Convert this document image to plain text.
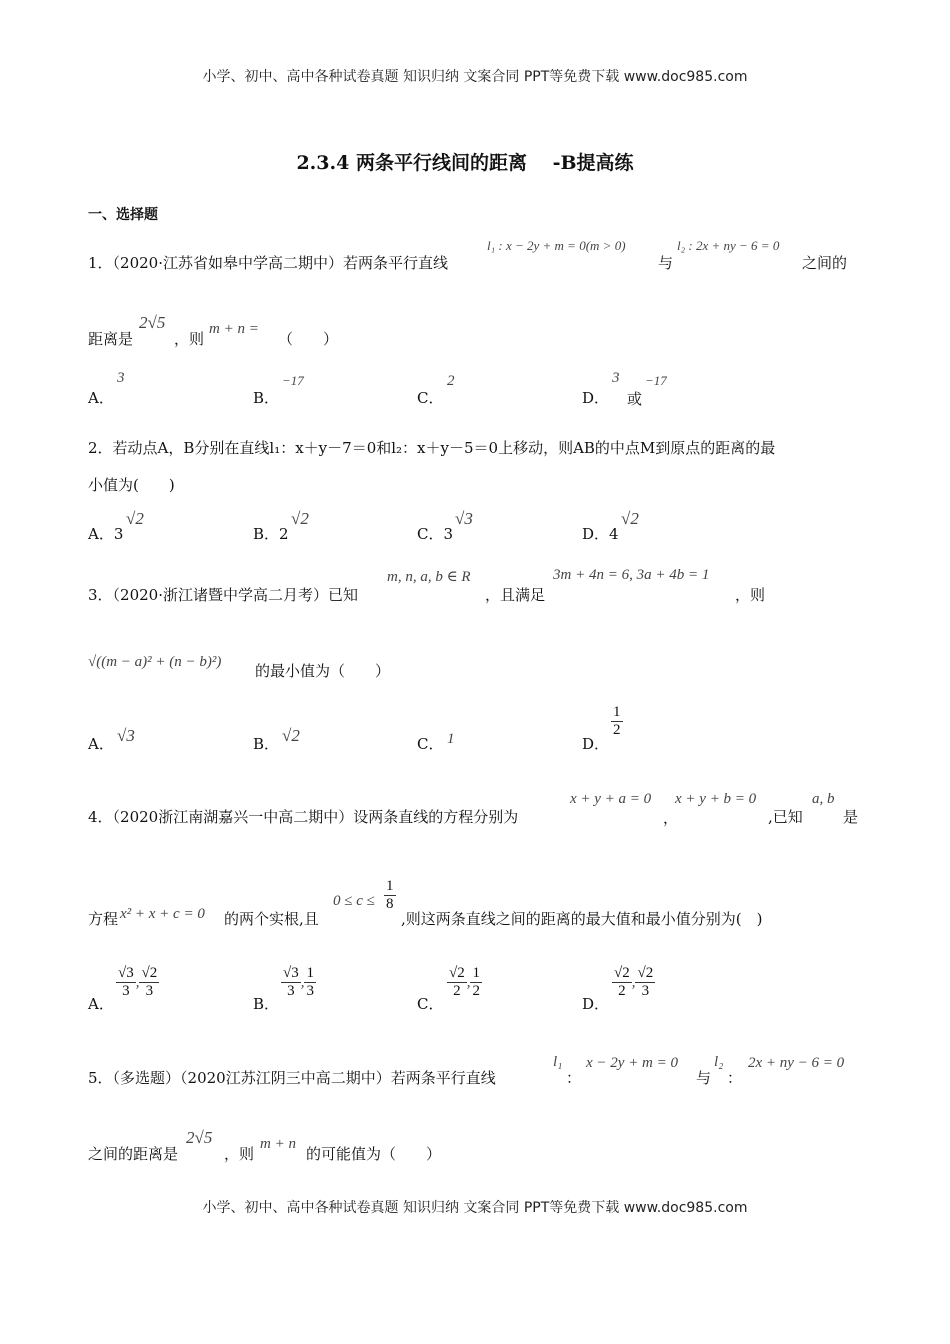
小学、初中、高中各种试卷真题 知识归纳 文案合同 PPT等免费下载 www.doc985.com
2.3.4 两条平行线间的距离　 -B提高练
一、选择题
1．（2020·江苏省如皋中学高二期中）若两条平行直线
l₁ : x − 2y + m = 0(m > 0)
与
l₂ : 2x + ny − 6 = 0
之间的
距离是
2√5
，则
m + n =
（　　）
A．
3
B．
−17
C．
2
D．
3
或
−17
2．若动点A，B分别在直线l₁：x＋y－7＝0和l₂：x＋y－5＝0上移动，则AB的中点M到原点的距离的最
小值为(　　)
A．3
√2
B．2
√2
C．3
√3
D．4
√2
3．（2020·浙江诸暨中学高二月考）已知
m, n, a, b ∈ R
，且满足
3m + 4n = 6, 3a + 4b = 1
，则
√((m − a)² + (n − b)²) 的最小值为（　　）
A． √3	B． √2	C． 1	D．
$\frac{1}{2}$
4．（2020浙江南湖嘉兴一中高二期中）设两条直线的方程分别为
x + y + a = 0
，
x + y + b = 0
,已知
a, b
是
方程 x² + x + c = 0 的两个实根,且
$0 \le c \le \frac{1}{8}$
,则这两条直线之间的距离的最大值和最小值分别为(　)
A．
$\frac{√3}{3}$ , $\frac{√2}{3}$
B．
$\frac{√3}{3}$ , $\frac{1}{3}$
C．
$\frac{√2}{2}$ , $\frac{1}{2}$
D．
$\frac{√2}{2}$ , $\frac{√2}{3}$
5．（多选题）（2020江苏江阴三中高二期中）若两条平行直线
l₁
：
x − 2y + m = 0
与
l₂
：
2x + ny − 6 = 0
之间的距离是
2√5
，则
m + n
的可能值为（　　）
小学、初中、高中各种试卷真题 知识归纳 文案合同 PPT等免费下载 www.doc985.com
